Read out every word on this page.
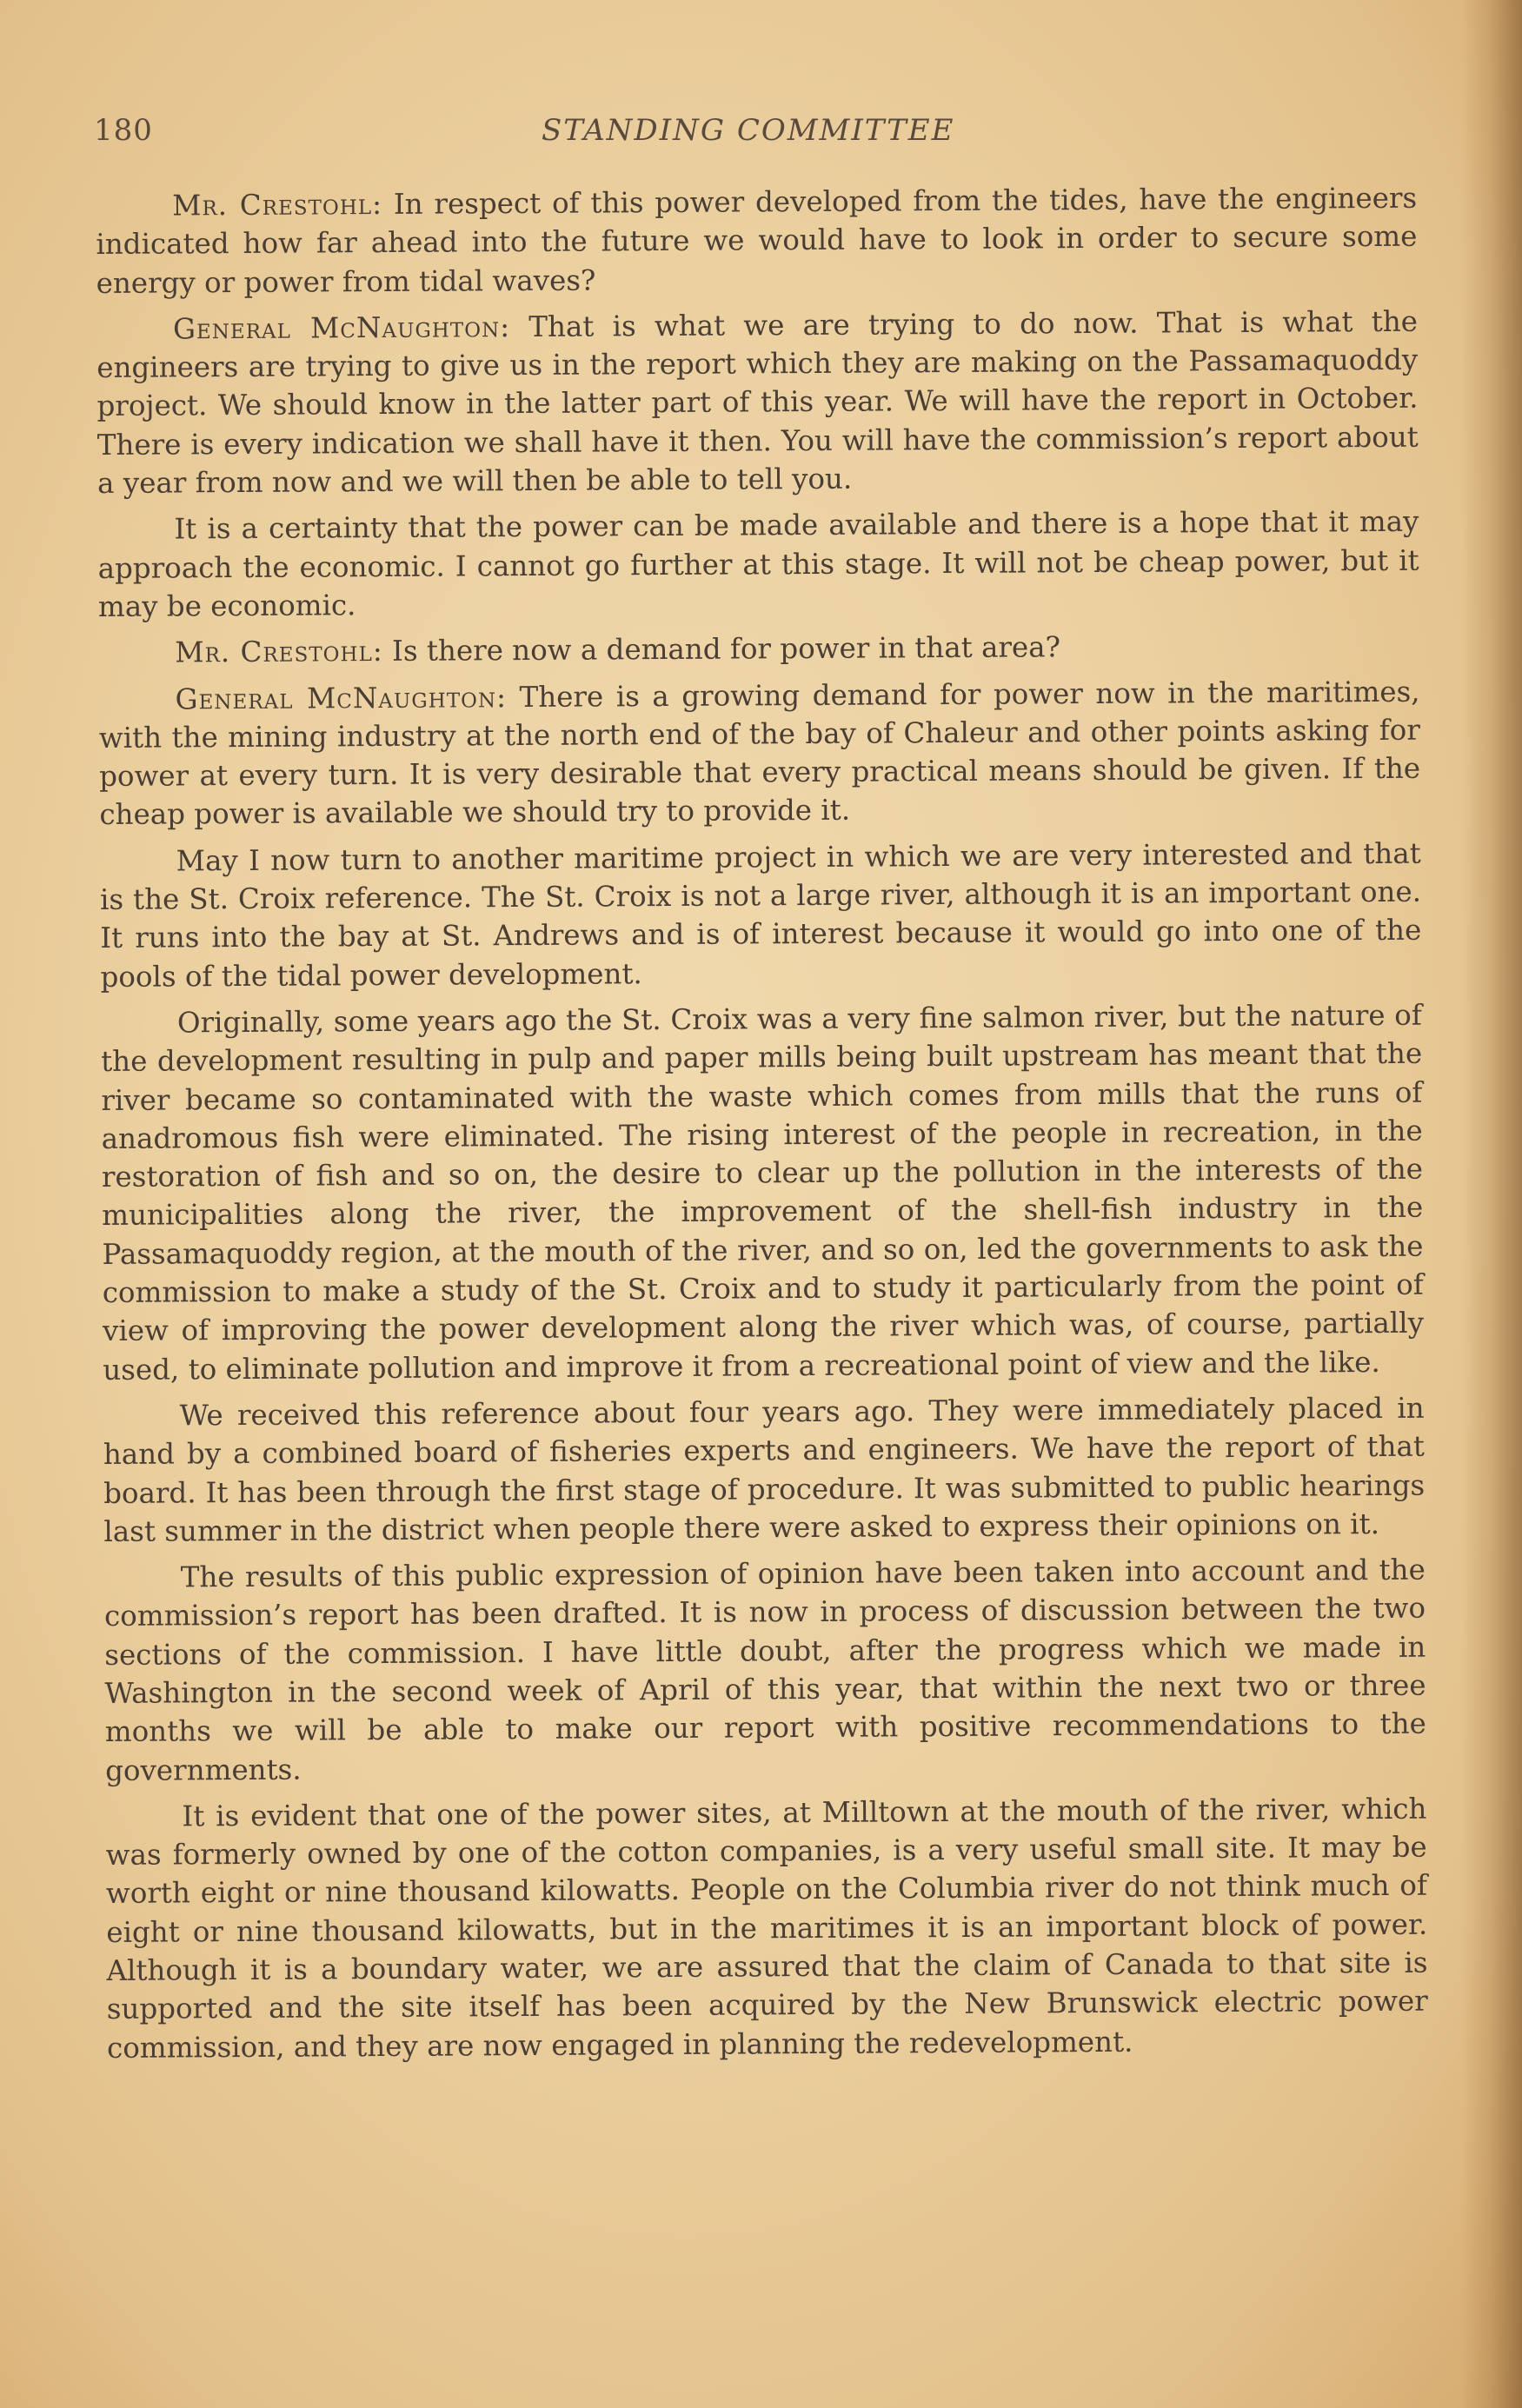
180	STANDING COMMITTEE

Mr. Crestohl: In respect of this power developed from the tides, have the engineers indicated how far ahead into the future we would have to look in order to secure some energy or power from tidal waves?

General McNaughton: That is what we are trying to do now. That is what the engineers are trying to give us in the report which they are making on the Passamaquoddy project. We should know in the latter part of this year. We will have the report in October. There is every indication we shall have it then. You will have the commission’s report about a year from now and we will then be able to tell you.

It is a certainty that the power can be made available and there is a hope that it may approach the economic. I cannot go further at this stage. It will not be cheap power, but it may be economic.

Mr. Crestohl: Is there now a demand for power in that area?

General McNaughton: There is a growing demand for power now in the maritimes, with the mining industry at the north end of the bay of Chaleur and other points asking for power at every turn. It is very desirable that every practical means should be given. If the cheap power is available we should try to provide it.

May I now turn to another maritime project in which we are very interested and that is the St. Croix reference. The St. Croix is not a large river, although it is an important one. It runs into the bay at St. Andrews and is of interest because it would go into one of the pools of the tidal power development.

Originally, some years ago the St. Croix was a very fine salmon river, but the nature of the development resulting in pulp and paper mills being built upstream has meant that the river became so contaminated with the waste which comes from mills that the runs of anadromous fish were eliminated. The rising interest of the people in recreation, in the restoration of fish and so on, the desire to clear up the pollution in the interests of the municipalities along the river, the improvement of the shell-fish industry in the Passamaquoddy region, at the mouth of the river, and so on, led the governments to ask the commission to make a study of the St. Croix and to study it particularly from the point of view of improving the power development along the river which was, of course, partially used, to eliminate pollution and improve it from a recreational point of view and the like.

We received this reference about four years ago. They were immediately placed in hand by a combined board of fisheries experts and engineers. We have the report of that board. It has been through the first stage of procedure. It was submitted to public hearings last summer in the district when people there were asked to express their opinions on it.

The results of this public expression of opinion have been taken into account and the commission’s report has been drafted. It is now in process of discussion between the two sections of the commission. I have little doubt, after the progress which we made in Washington in the second week of April of this year, that within the next two or three months we will be able to make our report with positive recommendations to the governments.

It is evident that one of the power sites, at Milltown at the mouth of the river, which was formerly owned by one of the cotton companies, is a very useful small site. It may be worth eight or nine thousand kilowatts. People on the Columbia river do not think much of eight or nine thousand kilowatts, but in the maritimes it is an important block of power. Although it is a boundary water, we are assured that the claim of Canada to that site is supported and the site itself has been acquired by the New Brunswick electric power commission, and they are now engaged in planning the redevelopment.
